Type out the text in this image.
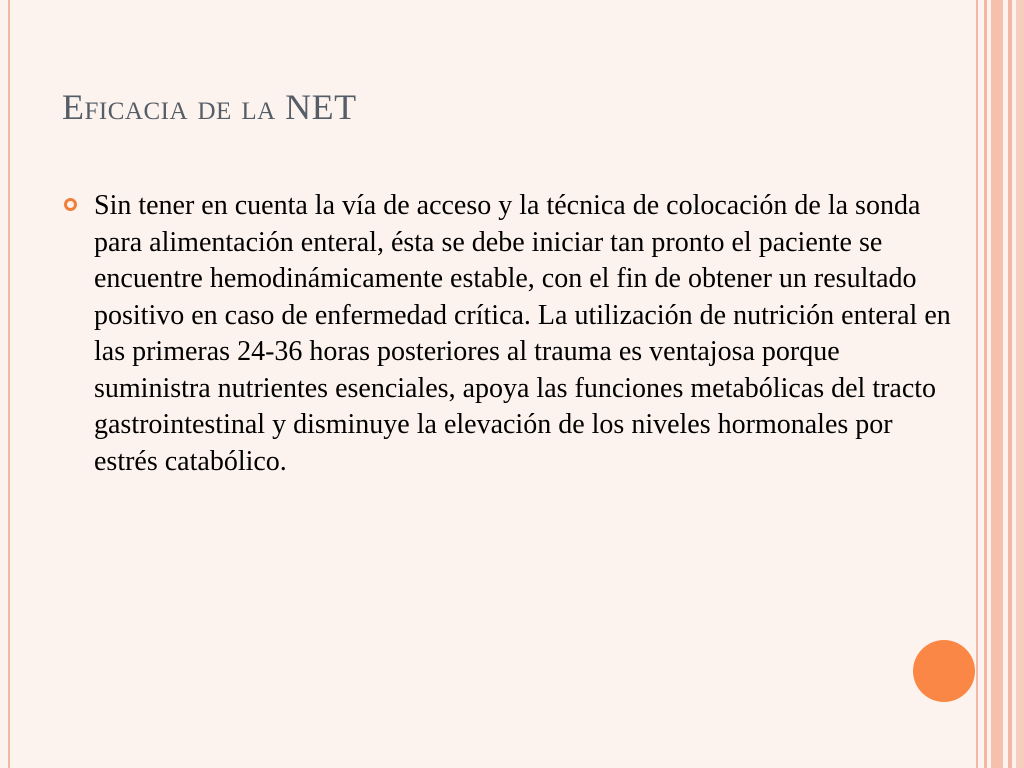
Eficacia de la NET
Sin tener en cuenta la vía de acceso y la técnica de colocación de la sonda para alimentación enteral, ésta se debe iniciar tan pronto el paciente se encuentre hemodinámicamente estable, con el fin de obtener un resultado positivo en caso de enfermedad crítica. La utilización de nutrición enteral en las primeras 24-36 horas posteriores al trauma es ventajosa porque suministra nutrientes esenciales, apoya las funciones metabólicas del tracto gastrointestinal y disminuye la elevación de los niveles hormonales por estrés catabólico.
